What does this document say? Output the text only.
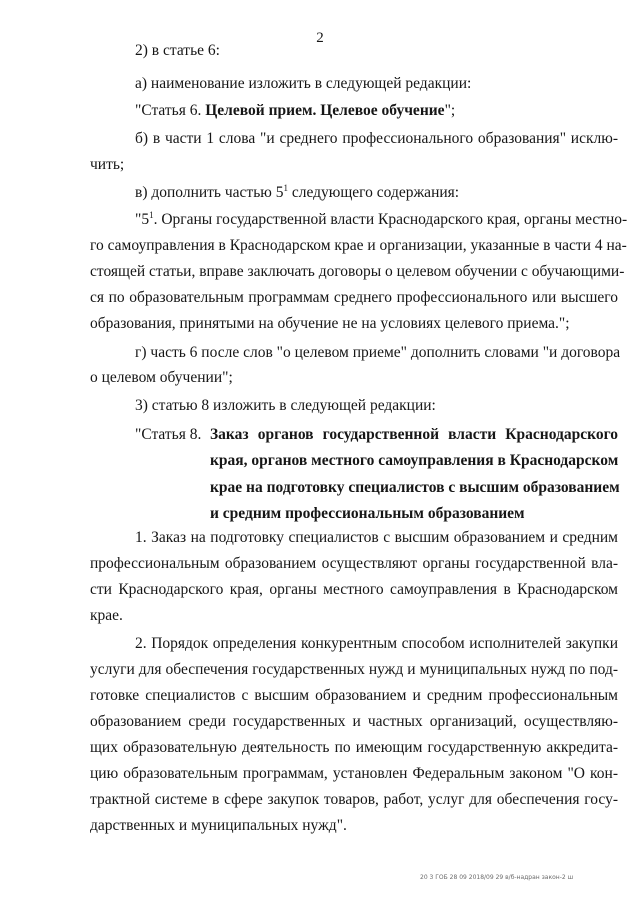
2
2) в статье 6:
а) наименование изложить в следующей редакции:
"Статья 6. Целевой прием. Целевое обучение";
б) в части 1 слова "и среднего профессионального образования" исклю-
чить;
в) дополнить частью $5^1$ следующего содержания:
"$5^1$. Органы государственной власти Краснодарского края, органы местно-
го самоуправления в Краснодарском крае и организации, указанные в части 4 на-
стоящей статьи, вправе заключать договоры о целевом обучении с обучающими-
ся по образовательным программам среднего профессионального или высшего
образования, принятыми на обучение не на условиях целевого приема.";
г) часть 6 после слов "о целевом приеме" дополнить словами "и договора
о целевом обучении";
3) статью 8 изложить в следующей редакции:
"Статья 8. Заказ органов государственной власти Краснодарского
края, органов местного самоуправления в Краснодарском
крае на подготовку специалистов с высшим образованием
и средним профессиональным образованием
1. Заказ на подготовку специалистов с высшим образованием и средним
профессиональным образованием осуществляют органы государственной вла-
сти Краснодарского края, органы местного самоуправления в Краснодарском
крае.
2. Порядок определения конкурентным способом исполнителей закупки
услуги для обеспечения государственных нужд и муниципальных нужд по под-
готовке специалистов с высшим образованием и средним профессиональным
образованием среди государственных и частных организаций, осуществляю-
щих образовательную деятельность по имеющим государственную аккредита-
цию образовательным программам, установлен Федеральным законом "О кон-
трактной системе в сфере закупок товаров, работ, услуг для обеспечения госу-
дарственных и муниципальных нужд".
20 3 ГОБ 28 09 2018/09 29 в/б-надран закон-2 ш
